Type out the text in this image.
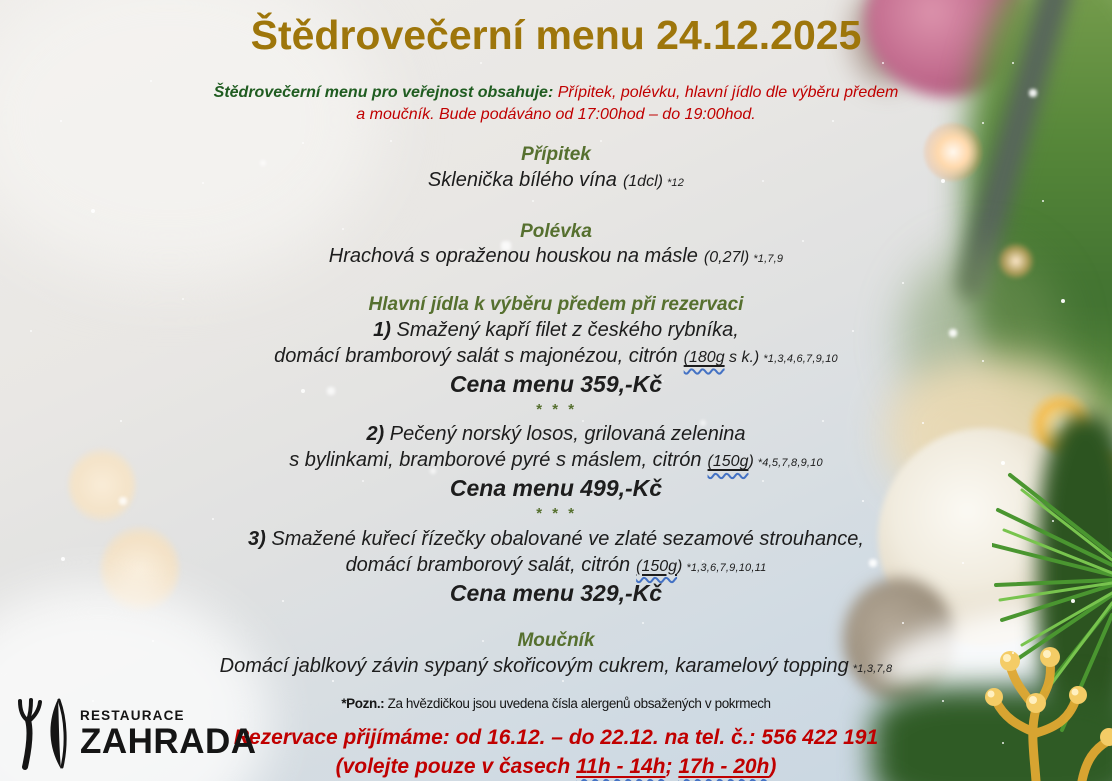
Štědrovečerní menu 24.12.2025

Štědrovečerní menu pro veřejnost obsahuje: Přípitek, polévku, hlavní jídlo dle výběru předem
a moučník. Bude podáváno od 17:00hod – do 19:00hod.

Přípitek
Sklenička bílého vína (1dcl) *12
Polévka
Hrachová s opraženou houskou na másle (0,27l) *1,7,9
Hlavní jídla k výběru předem při rezervaci
1) Smažený kapří filet z českého rybníka,
domácí bramborový salát s majonézou, citrón (180g s k.) *1,3,4,6,7,9,10
Cena menu 359,-Kč
* * *
2) Pečený norský losos, grilovaná zelenina
s bylinkami, bramborové pyré s máslem, citrón (150g) *4,5,7,8,9,10
Cena menu 499,-Kč
* * *
3) Smažené kuřecí řízečky obalované ve zlaté sezamové strouhance,
domácí bramborový salát, citrón (150g) *1,3,6,7,9,10,11
Cena menu 329,-Kč
Moučník
Domácí jablkový závin sypaný skořicovým cukrem, karamelový topping *1,3,7,8
*Pozn.: Za hvězdičkou jsou uvedena čísla alergenů obsažených v pokrmech
Rezervace přijímáme: od 16.12. – do 22.12. na tel. č.: 556 422 191
(volejte pouze v časech 11h - 14h; 17h - 20h)
RESTAURACE
ZAHRADA
